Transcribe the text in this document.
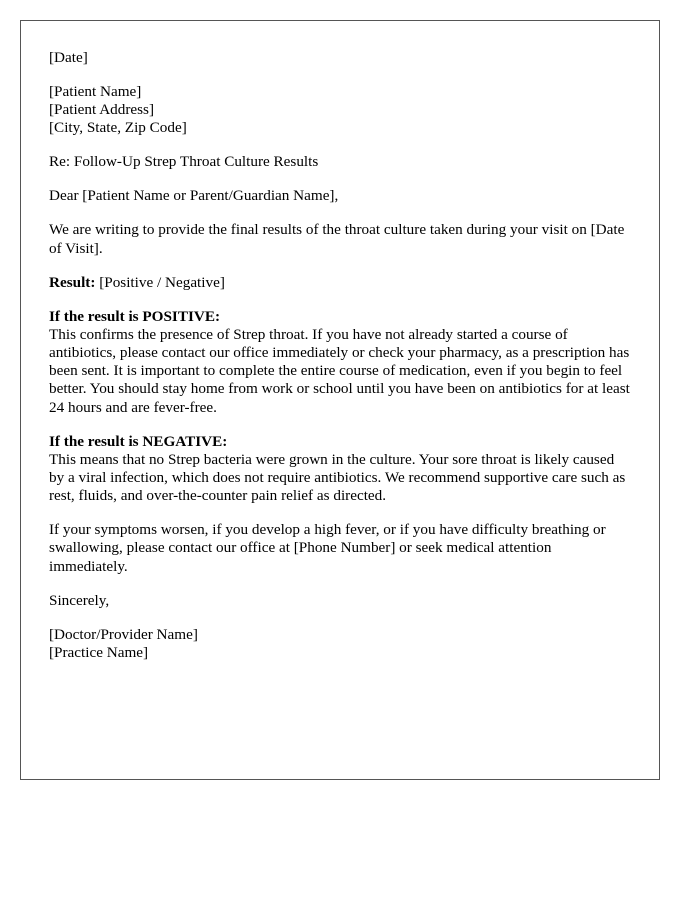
[Date]

[Patient Name]
[Patient Address]
[City, State, Zip Code]

Re: Follow-Up Strep Throat Culture Results

Dear [Patient Name or Parent/Guardian Name],

We are writing to provide the final results of the throat culture taken during your visit on [Date of Visit].

Result: [Positive / Negative]

If the result is POSITIVE:
This confirms the presence of Strep throat. If you have not already started a course of antibiotics, please contact our office immediately or check your pharmacy, as a prescription has been sent. It is important to complete the entire course of medication, even if you begin to feel better. You should stay home from work or school until you have been on antibiotics for at least 24 hours and are fever-free.

If the result is NEGATIVE:
This means that no Strep bacteria were grown in the culture. Your sore throat is likely caused by a viral infection, which does not require antibiotics. We recommend supportive care such as rest, fluids, and over-the-counter pain relief as directed.

If your symptoms worsen, if you develop a high fever, or if you have difficulty breathing or swallowing, please contact our office at [Phone Number] or seek medical attention immediately.

Sincerely,

[Doctor/Provider Name]
[Practice Name]
